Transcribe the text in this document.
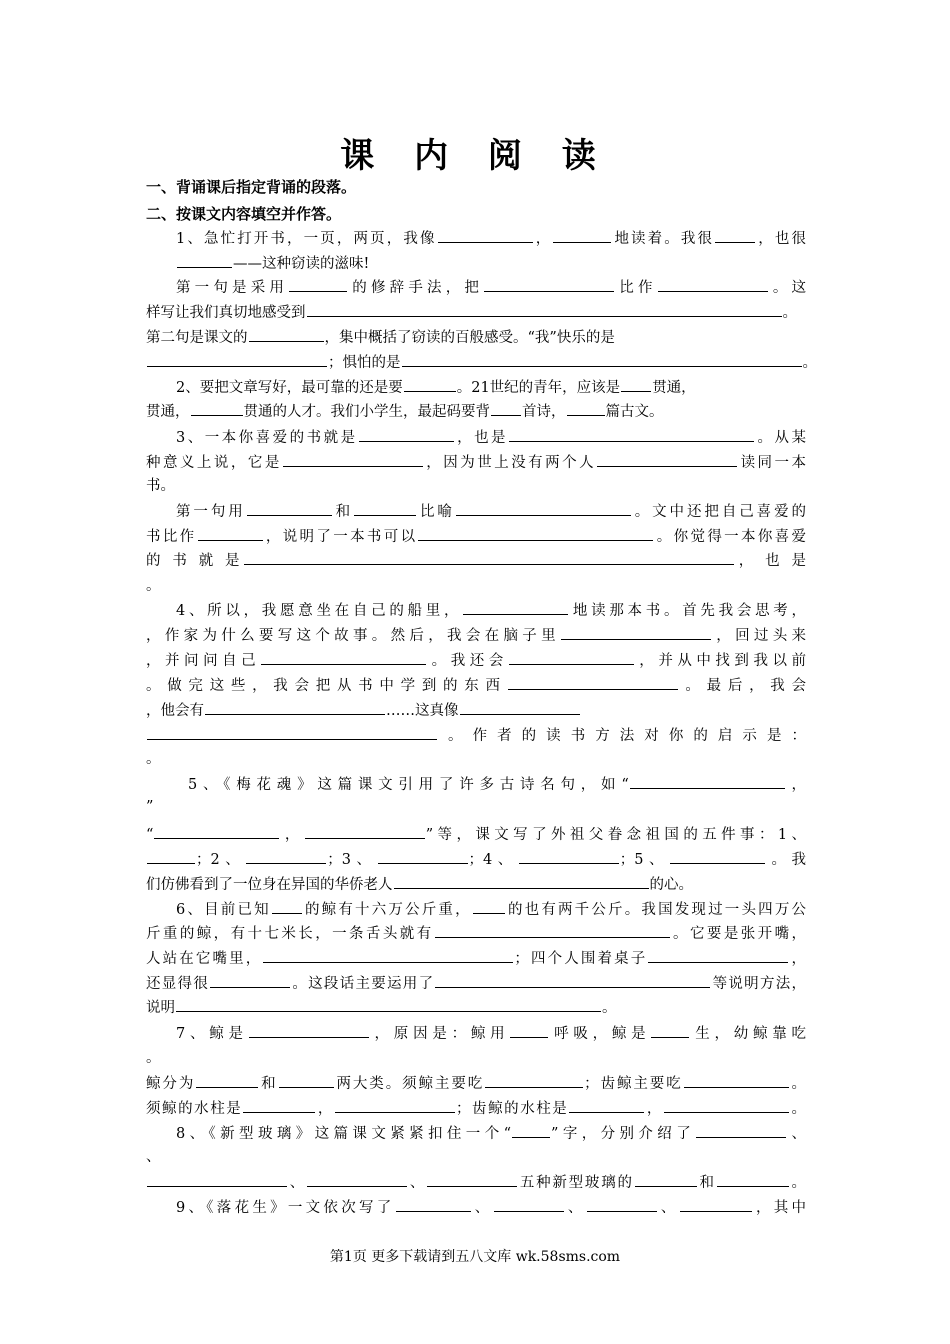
课 内 阅 读
一、背诵课后指定背诵的段落。
二、按课文内容填空并作答。
1、急忙打开书，一页，两页，我像	，	地读着。我很	，也很
——这种窃读的滋味!
第一句是采用	的修辞手法，把	比作	。这
样写让我们真切地感受到	。
第二句是课文的	，集中概括了窃读的百般感受。“我”快乐的是
；惧怕的是	。
2、要把文章写好，最可靠的还是要	。21世纪的青年，应该是 贯通，
贯通，	贯通的人才。我们小学生，最起码要背 首诗，	篇古文。
3、一本你喜爱的书就是	，也是	。从某
种意义上说，它是	，因为世上没有两个人	读同一本
书。
第一句用	和	比喻	。文中还把自己喜爱的
书比作	，说明了一本书可以	。你觉得一本你喜爱
的 书 就 是	， 也 是
。
4、所以，我愿意坐在自己的船里，	地读那本书。首先我会思考，
，作家为什么要写这个故事。然后，我会在脑子里	，回过头来
，并问问自己	。我还会	，并从中找到我以前
。做完这些，我会把从书中学到的东西	。最后，我会
，他会有	……这真像
。作者的读书方法对你的启示是：
。
5、《梅花魂》这篇课文引用了许多古诗名句，如“	，
”
“	，	”等，课文写了外祖父眷念祖国的五件事：1、
；2、	；3、	；4、	；5、	。我
们仿佛看到了一位身在异国的华侨老人	的心。
6、目前已知 的鲸有十六万公斤重， 的也有两千公斤。我国发现过一头四万公
斤重的鲸，有十七米长，一条舌头就有	。它要是张开嘴，
人站在它嘴里，	；四个人围着桌子	，
还显得很	。这段话主要运用了	等说明方法，
说明	。
7、鲸是	，原因是：鲸用	呼吸，鲸是	生，幼鲸靠吃
。
鲸分为	和	两大类。须鲸主要吃	；齿鲸主要吃	。
须鲸的水柱是	，	；齿鲸的水柱是	，	。
8、《新型玻璃》这篇课文紧紧扣住一个“	”字，分别介绍了	、
、
、	、	五种新型玻璃的	和	。
9、《落花生》一文依次写了	、	、	、	，其中
第1页 更多下载请到五八文库 wk.58sms.com
